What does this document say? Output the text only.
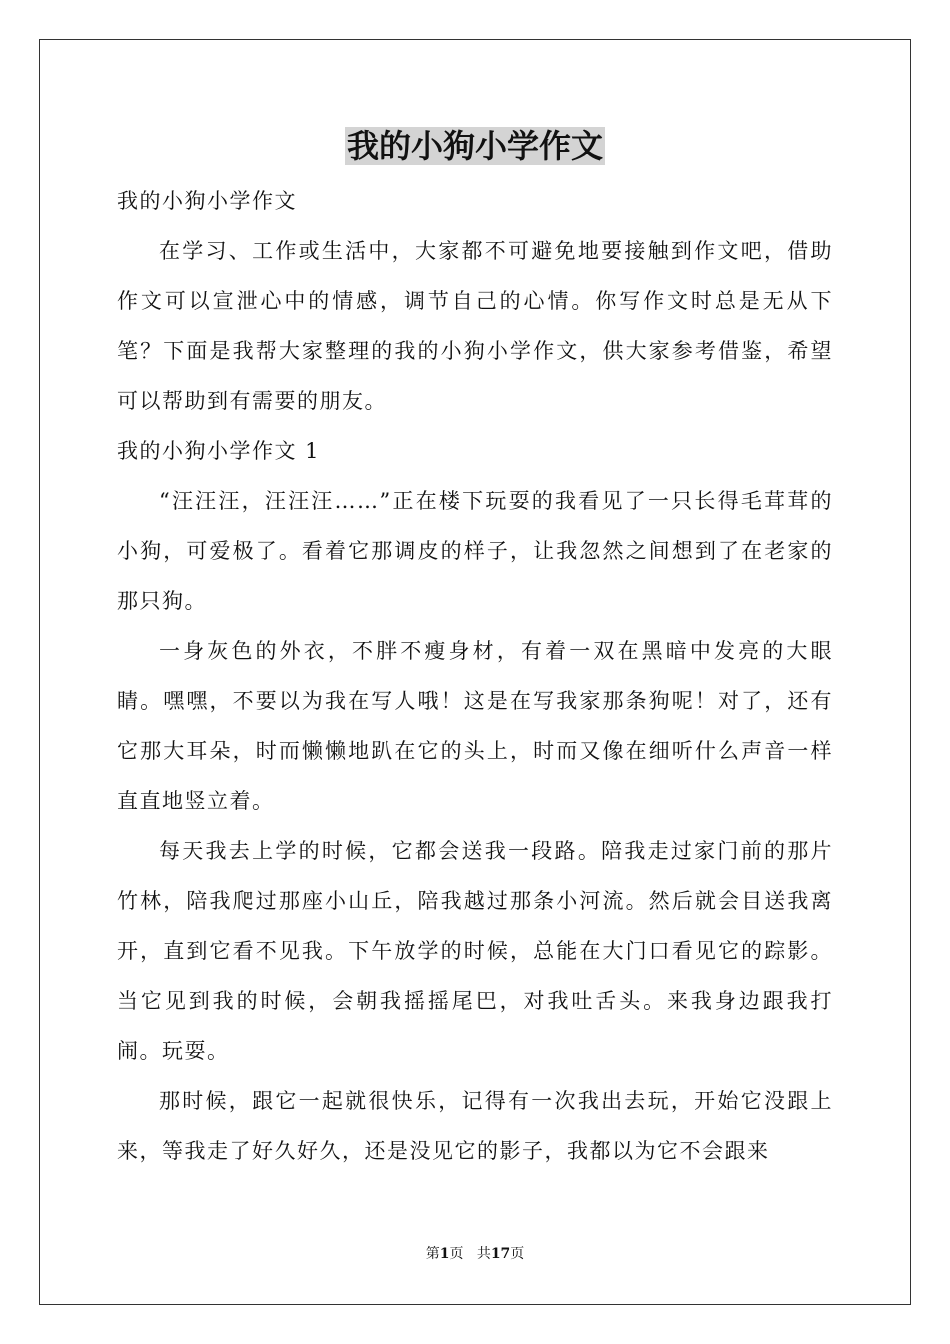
我的小狗小学作文

我的小狗小学作文

在学习、工作或生活中，大家都不可避免地要接触到作文吧，借助作文可以宣泄心中的情感，调节自己的心情。你写作文时总是无从下笔？下面是我帮大家整理的我的小狗小学作文，供大家参考借鉴，希望可以帮助到有需要的朋友。

我的小狗小学作文 1

“汪汪汪，汪汪汪……”正在楼下玩耍的我看见了一只长得毛茸茸的小狗，可爱极了。看着它那调皮的样子，让我忽然之间想到了在老家的那只狗。

一身灰色的外衣，不胖不瘦身材，有着一双在黑暗中发亮的大眼睛。嘿嘿，不要以为我在写人哦！这是在写我家那条狗呢！对了，还有它那大耳朵，时而懒懒地趴在它的头上，时而又像在细听什么声音一样直直地竖立着。

每天我去上学的时候，它都会送我一段路。陪我走过家门前的那片竹林，陪我爬过那座小山丘，陪我越过那条小河流。然后就会目送我离开，直到它看不见我。下午放学的时候，总能在大门口看见它的踪影。当它见到我的时候，会朝我摇摇尾巴，对我吐舌头。来我身边跟我打闹。玩耍。

那时候，跟它一起就很快乐，记得有一次我出去玩，开始它没跟上来，等我走了好久好久，还是没见它的影子，我都以为它不会跟来

第1页 共17页
